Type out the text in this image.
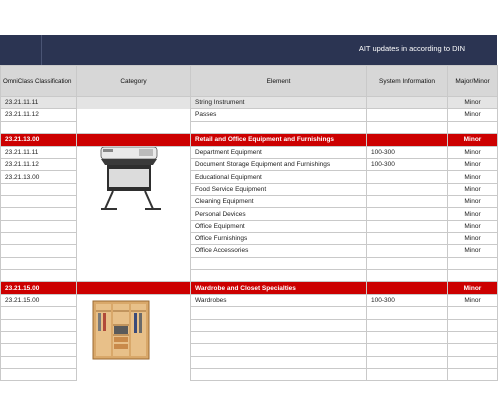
AIT updates in according to DIN
OmniClass Classification	Category	Element	System Information	Major/Minor
23.21.11.11		String Instrument		Minor
23.21.11.12		Passes		Minor

23.21.13.00		Retail and Office Equipment and Furnishings		Minor
23.21.11.11		Department Equipment	100-300	Minor
23.21.11.12		Document Storage Equipment and Furnishings	100-300	Minor
23.21.13.00		Educational Equipment		Minor
		Food Service Equipment		Minor
		Cleaning Equipment		Minor
		Personal Devices		Minor
		Office Equipment		Minor
		Office Furnishings		Minor
		Office Accessories		Minor

23.21.15.00		Wardrobe and Closet Specialties		Minor
23.21.15.00		Wardrobes	100-300	Minor
